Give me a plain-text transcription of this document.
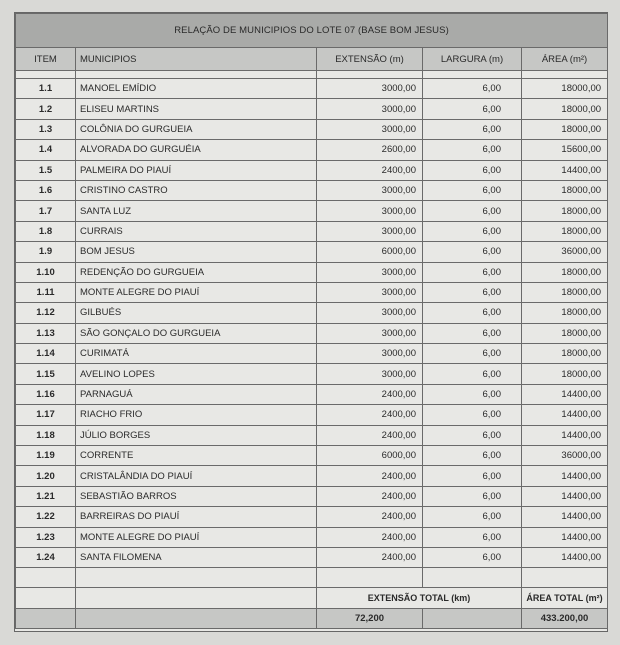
RELAÇÃO DE MUNICIPIOS DO LOTE 07 (BASE BOM JESUS)				
ITEM	MUNICIPIOS	EXTENSÃO (m)	LARGURA (m)	ÁREA (m²)

1.1	MANOEL EMÍDIO	3000,00	6,00	18000,00
1.2	ELISEU MARTINS	3000,00	6,00	18000,00
1.3	COLÔNIA DO GURGUEIA	3000,00	6,00	18000,00
1.4	ALVORADA DO GURGUÉIA	2600,00	6,00	15600,00
1.5	PALMEIRA DO PIAUÍ	2400,00	6,00	14400,00
1.6	CRISTINO CASTRO	3000,00	6,00	18000,00
1.7	SANTA LUZ	3000,00	6,00	18000,00
1.8	CURRAIS	3000,00	6,00	18000,00
1.9	BOM JESUS	6000,00	6,00	36000,00
1.10	REDENÇÃO DO GURGUEIA	3000,00	6,00	18000,00
1.11	MONTE ALEGRE DO PIAUÍ	3000,00	6,00	18000,00
1.12	GILBUÉS	3000,00	6,00	18000,00
1.13	SÃO GONÇALO DO GURGUEIA	3000,00	6,00	18000,00
1.14	CURIMATÁ	3000,00	6,00	18000,00
1.15	AVELINO LOPES	3000,00	6,00	18000,00
1.16	PARNAGUÁ	2400,00	6,00	14400,00
1.17	RIACHO FRIO	2400,00	6,00	14400,00
1.18	JÚLIO BORGES	2400,00	6,00	14400,00
1.19	CORRENTE	6000,00	6,00	36000,00
1.20	CRISTALÂNDIA DO PIAUÍ	2400,00	6,00	14400,00
1.21	SEBASTIÃO BARROS	2400,00	6,00	14400,00
1.22	BARREIRAS DO PIAUÍ	2400,00	6,00	14400,00
1.23	MONTE ALEGRE DO PIAUÍ	2400,00	6,00	14400,00
1.24	SANTA FILOMENA	2400,00	6,00	14400,00

		EXTENSÃO TOTAL (km)		ÁREA TOTAL (m²)
		72,200		433.200,00
